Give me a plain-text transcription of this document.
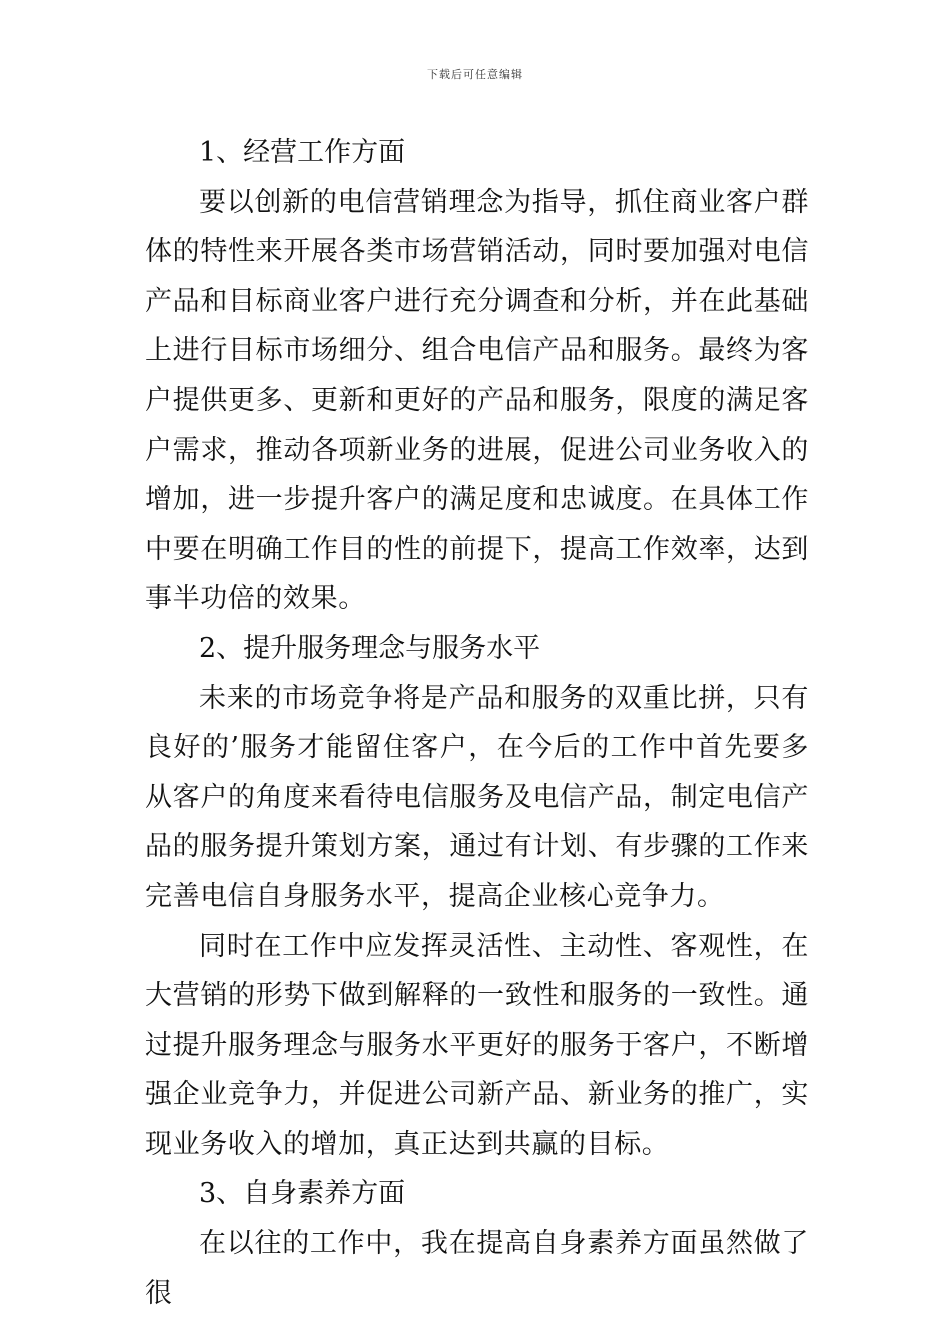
下载后可任意编辑

1、经营工作方面

要以创新的电信营销理念为指导，抓住商业客户群体的特性来开展各类市场营销活动，同时要加强对电信产品和目标商业客户进行充分调查和分析，并在此基础上进行目标市场细分、组合电信产品和服务。最终为客户提供更多、更新和更好的产品和服务，限度的满足客户需求，推动各项新业务的进展，促进公司业务收入的增加，进一步提升客户的满足度和忠诚度。在具体工作中要在明确工作目的性的前提下，提高工作效率，达到事半功倍的效果。

2、提升服务理念与服务水平

未来的市场竞争将是产品和服务的双重比拼，只有良好的’服务才能留住客户，在今后的工作中首先要多从客户的角度来看待电信服务及电信产品，制定电信产品的服务提升策划方案，通过有计划、有步骤的工作来完善电信自身服务水平，提高企业核心竞争力。

同时在工作中应发挥灵活性、主动性、客观性，在大营销的形势下做到解释的一致性和服务的一致性。通过提升服务理念与服务水平更好的服务于客户，不断增强企业竞争力，并促进公司新产品、新业务的推广，实现业务收入的增加，真正达到共赢的目标。

3、自身素养方面

在以往的工作中，我在提高自身素养方面虽然做了很
